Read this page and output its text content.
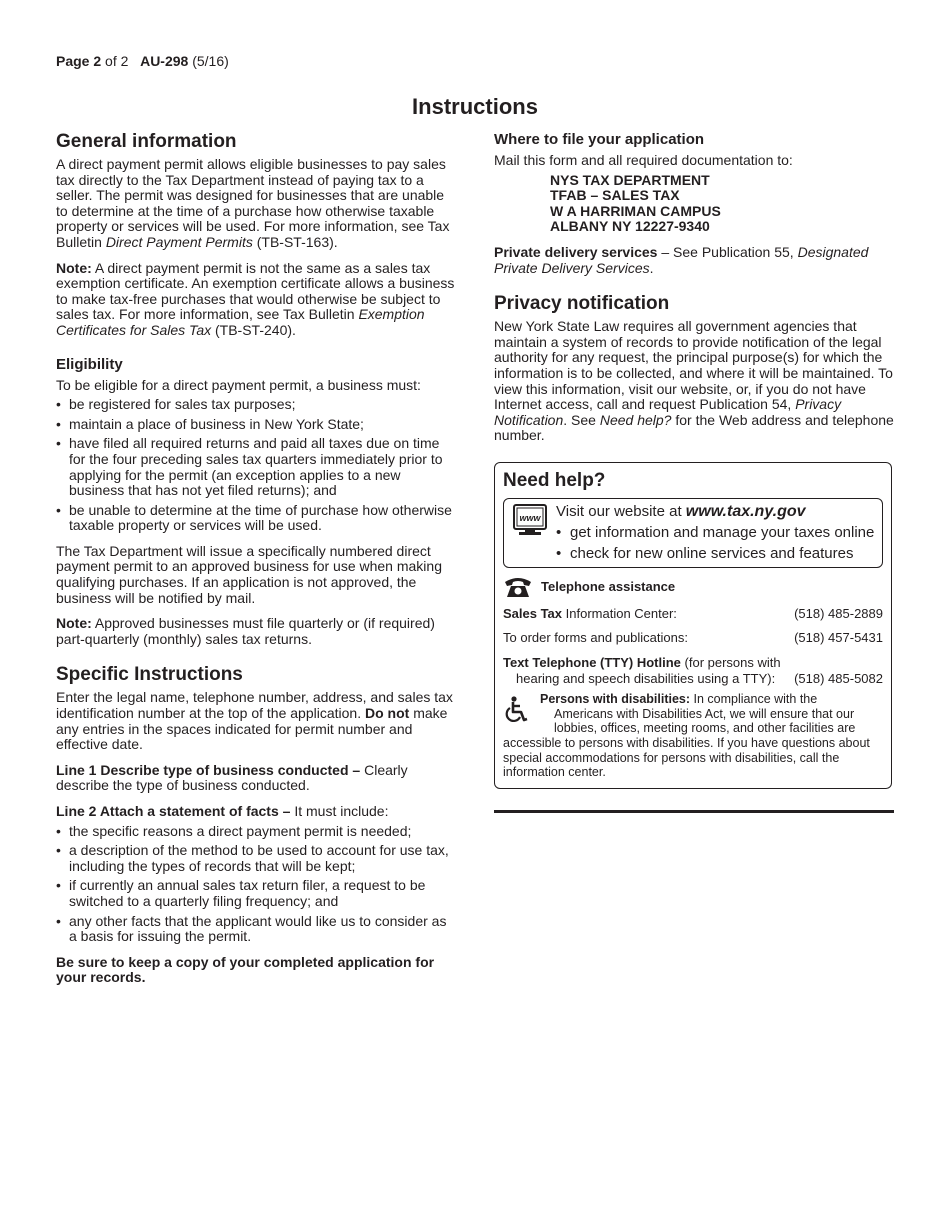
Page 2 of 2 AU-298 (5/16)
Instructions
General information

A direct payment permit allows eligible businesses to pay sales tax directly to the Tax Department instead of paying tax to a seller. The permit was designed for businesses that are unable to determine at the time of a purchase how otherwise taxable property or services will be used. For more information, see Tax Bulletin Direct Payment Permits (TB-ST-163).

Note: A direct payment permit is not the same as a sales tax exemption certificate. An exemption certificate allows a business to make tax-free purchases that would otherwise be subject to sales tax. For more information, see Tax Bulletin Exemption Certificates for Sales Tax (TB-ST-240).

Eligibility

To be eligible for a direct payment permit, a business must:

• be registered for sales tax purposes;
• maintain a place of business in New York State;
• have filed all required returns and paid all taxes due on time for the four preceding sales tax quarters immediately prior to applying for the permit (an exception applies to a new business that has not yet filed returns); and
• be unable to determine at the time of purchase how otherwise taxable property or services will be used.

The Tax Department will issue a specifically numbered direct payment permit to an approved business for use when making qualifying purchases. If an application is not approved, the business will be notified by mail.

Note: Approved businesses must file quarterly or (if required) part-quarterly (monthly) sales tax returns.

Specific Instructions

Enter the legal name, telephone number, address, and sales tax identification number at the top of the application. Do not make any entries in the spaces indicated for permit number and effective date.

Line 1 Describe type of business conducted – Clearly describe the type of business conducted.

Line 2 Attach a statement of facts – It must include:

• the specific reasons a direct payment permit is needed;
• a description of the method to be used to account for use tax, including the types of records that will be kept;
• if currently an annual sales tax return filer, a request to be switched to a quarterly filing frequency; and
• any other facts that the applicant would like us to consider as a basis for issuing the permit.

Be sure to keep a copy of your completed application for your records.

Where to file your application

Mail this form and all required documentation to:

NYS TAX DEPARTMENT
TFAB – SALES TAX
W A HARRIMAN CAMPUS
ALBANY NY 12227-9340

Private delivery services – See Publication 55, Designated Private Delivery Services.

Privacy notification

New York State Law requires all government agencies that maintain a system of records to provide notification of the legal authority for any request, the principal purpose(s) for which the information is to be collected, and where it will be maintained. To view this information, visit our website, or, if you do not have Internet access, call and request Publication 54, Privacy Notification. See Need help? for the Web address and telephone number.

Need help?
www Visit our website at www.tax.ny.gov
• get information and manage your taxes online
• check for new online services and features
Telephone assistance
Sales Tax Information Center:	(518) 485-2889
To order forms and publications:	(518) 457-5431
Text Telephone (TTY) Hotline (for persons with
hearing and speech disabilities using a TTY): (518) 485-5082
Persons with disabilities: In compliance with the
Americans with Disabilities Act, we will ensure that our
lobbies, offices, meeting rooms, and other facilities are
accessible to persons with disabilities. If you have questions about special accommodations for persons with disabilities, call the information center.
